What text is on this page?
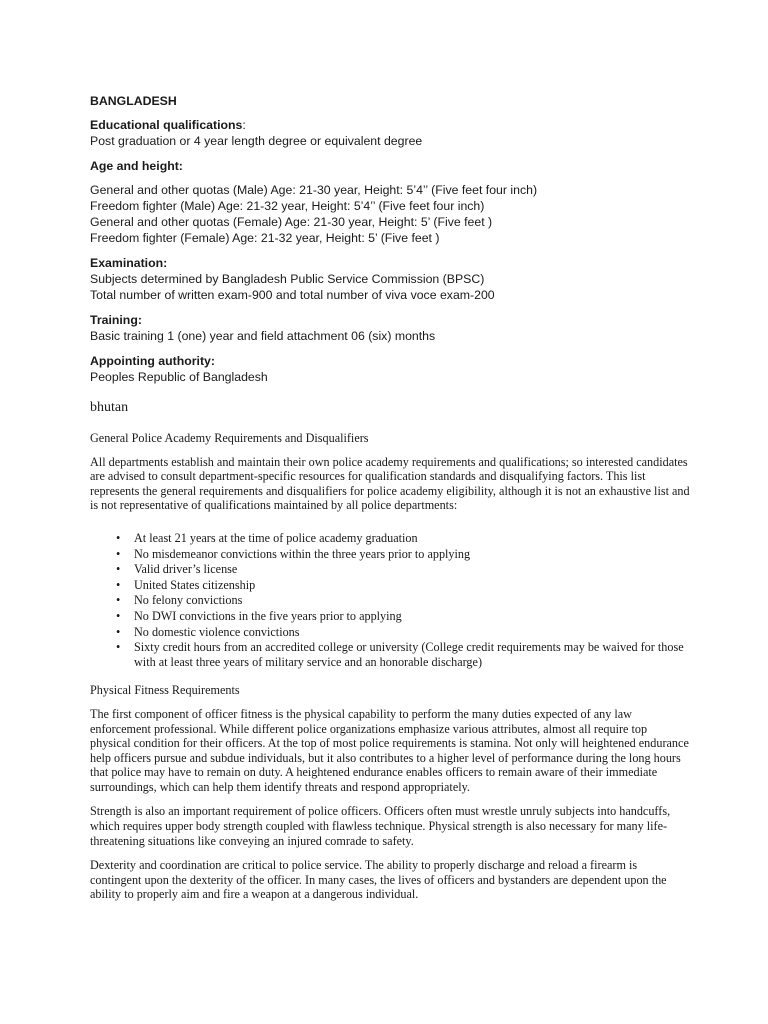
BANGLADESH
Educational qualifications:
Post graduation or 4 year length degree or equivalent degree
Age and height:
General and other quotas (Male) Age: 21-30 year, Height: 5’4’’ (Five feet four inch)
Freedom fighter (Male) Age: 21-32 year, Height: 5’4’’ (Five feet four inch)
General and other quotas (Female) Age: 21-30 year, Height: 5’ (Five feet )
Freedom fighter (Female) Age: 21-32 year, Height: 5’ (Five feet )
Examination:
Subjects determined by Bangladesh Public Service Commission (BPSC)
Total number of written exam-900 and total number of viva voce exam-200
Training:
Basic training 1 (one) year and field attachment 06 (six) months
Appointing authority:
Peoples Republic of Bangladesh
bhutan
General Police Academy Requirements and Disqualifiers
All departments establish and maintain their own police academy requirements and qualifications; so interested candidates are advised to consult department-specific resources for qualification standards and disqualifying factors. This list represents the general requirements and disqualifiers for police academy eligibility, although it is not an exhaustive list and is not representative of qualifications maintained by all police departments:
• At least 21 years at the time of police academy graduation
• No misdemeanor convictions within the three years prior to applying
• Valid driver’s license
• United States citizenship
• No felony convictions
• No DWI convictions in the five years prior to applying
• No domestic violence convictions
• Sixty credit hours from an accredited college or university (College credit requirements may be waived for those with at least three years of military service and an honorable discharge)
Physical Fitness Requirements
The first component of officer fitness is the physical capability to perform the many duties expected of any law enforcement professional. While different police organizations emphasize various attributes, almost all require top physical condition for their officers. At the top of most police requirements is stamina. Not only will heightened endurance help officers pursue and subdue individuals, but it also contributes to a higher level of performance during the long hours that police may have to remain on duty. A heightened endurance enables officers to remain aware of their immediate surroundings, which can help them identify threats and respond appropriately.
Strength is also an important requirement of police officers. Officers often must wrestle unruly subjects into handcuffs, which requires upper body strength coupled with flawless technique. Physical strength is also necessary for many life-threatening situations like conveying an injured comrade to safety.
Dexterity and coordination are critical to police service. The ability to properly discharge and reload a firearm is contingent upon the dexterity of the officer. In many cases, the lives of officers and bystanders are dependent upon the ability to properly aim and fire a weapon at a dangerous individual.
